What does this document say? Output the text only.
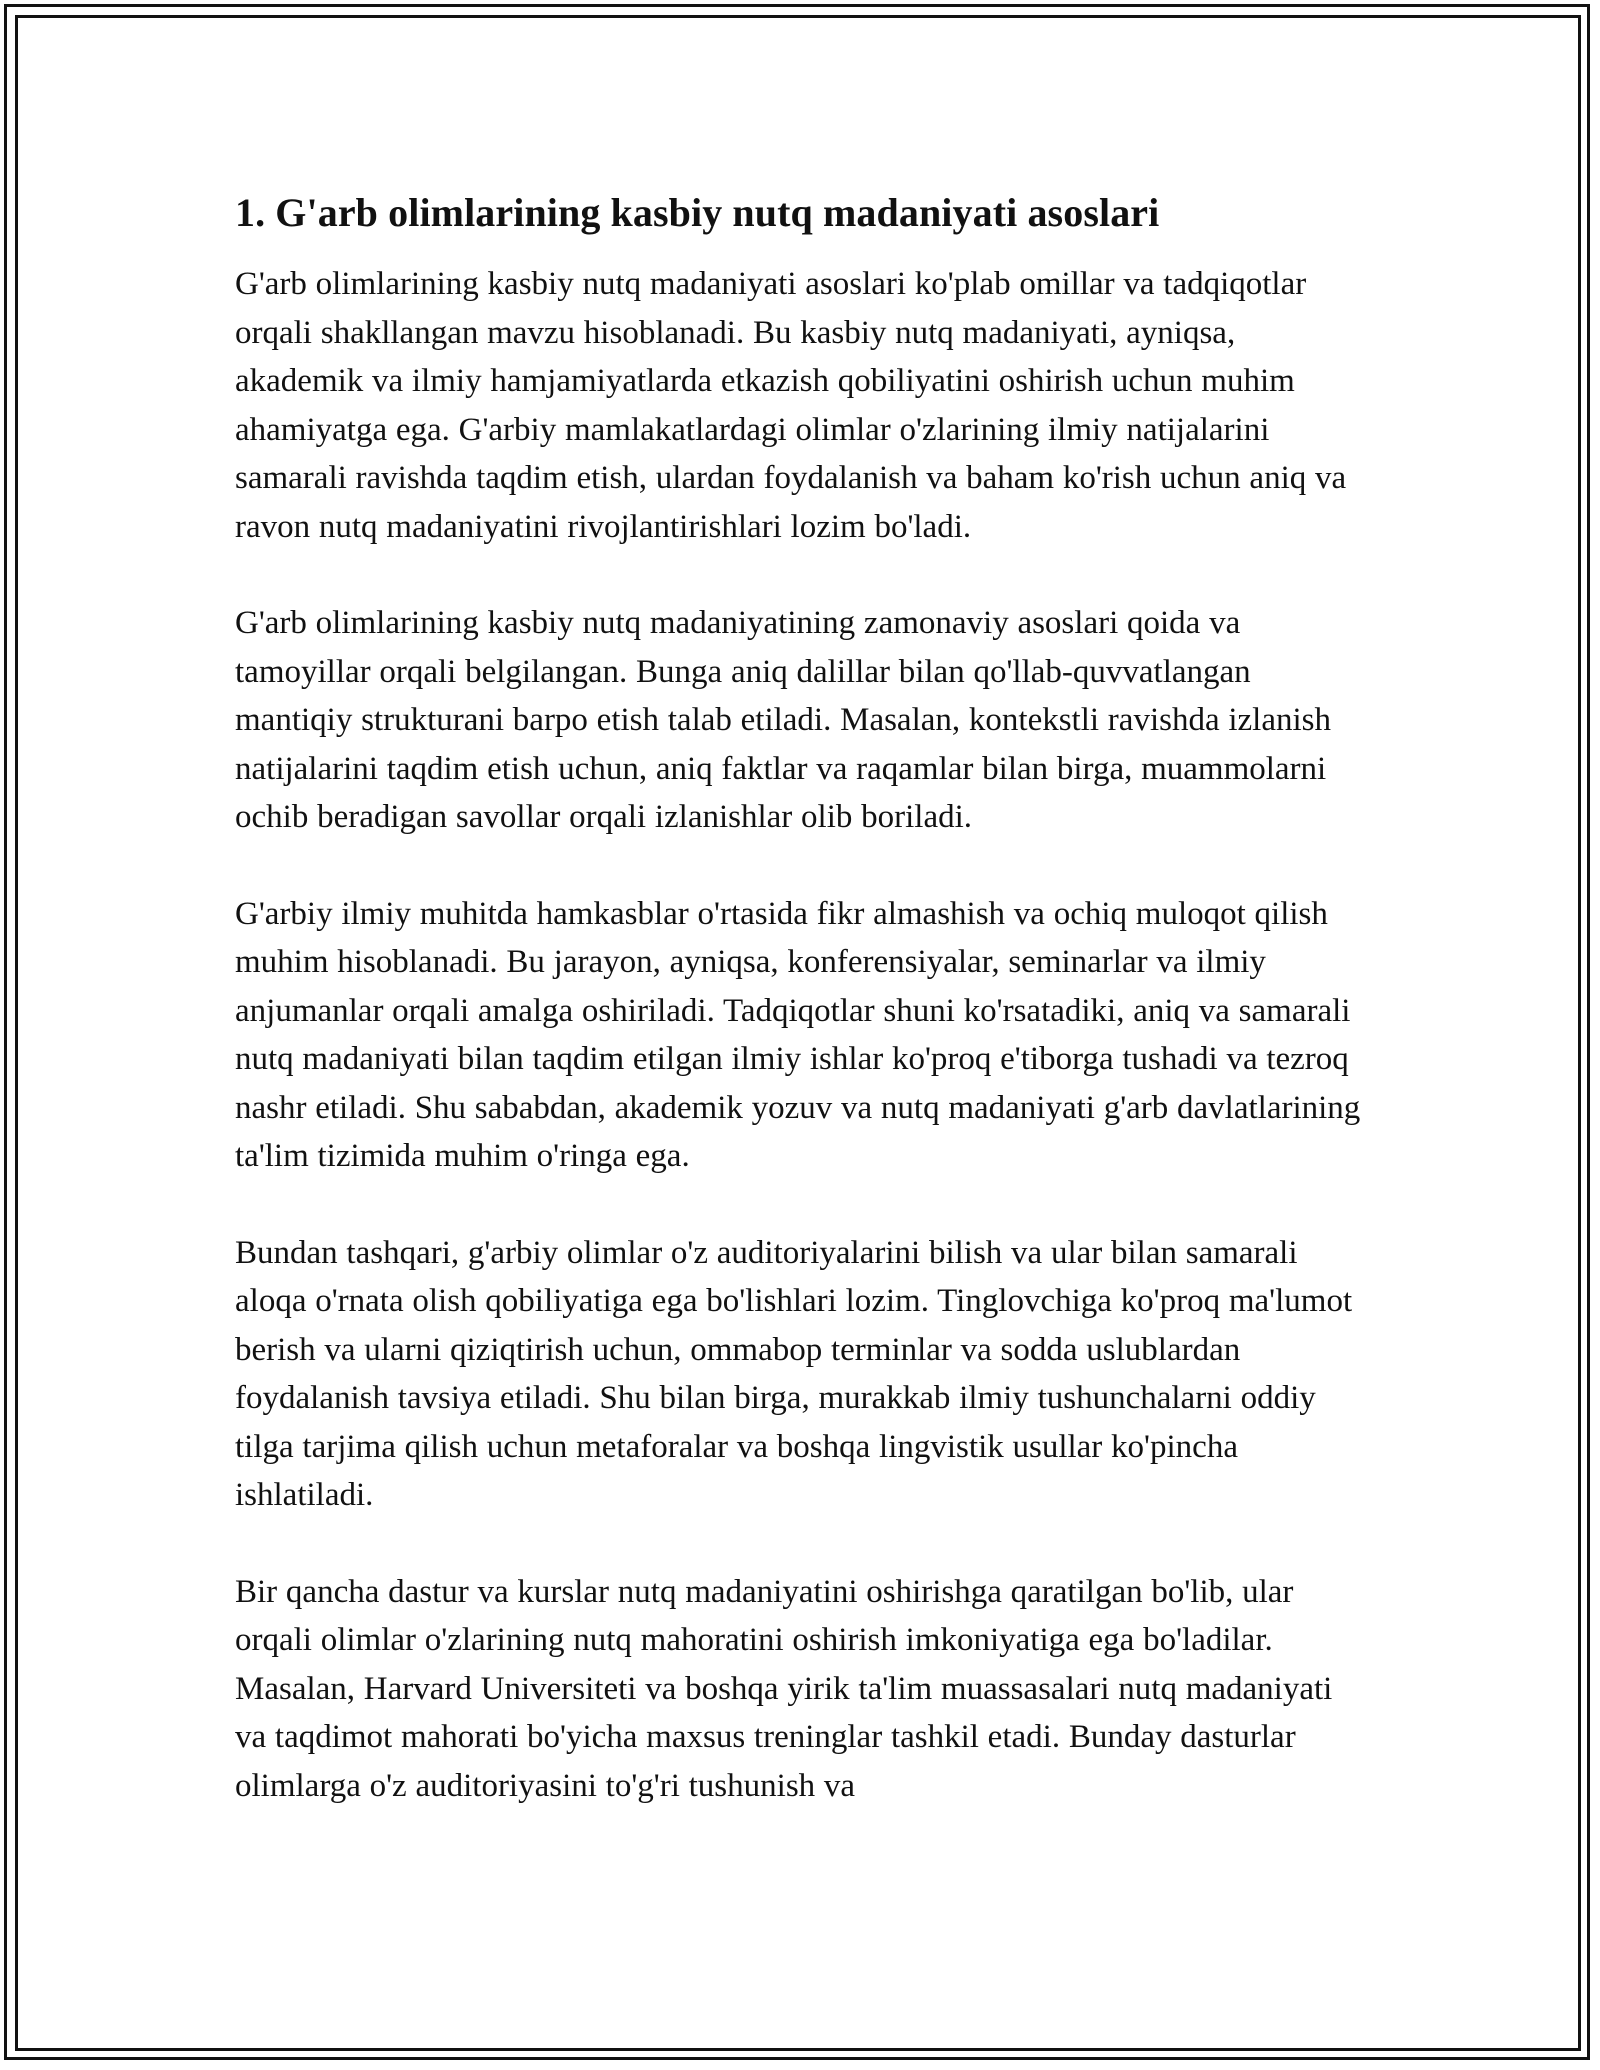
1. G'arb olimlarining kasbiy nutq madaniyati asoslari

G'arb olimlarining kasbiy nutq madaniyati asoslari ko'plab omillar va tadqiqotlar orqali shakllangan mavzu hisoblanadi. Bu kasbiy nutq madaniyati, ayniqsa, akademik va ilmiy hamjamiyatlarda etkazish qobiliyatini oshirish uchun muhim ahamiyatga ega. G'arbiy mamlakatlardagi olimlar o'zlarining ilmiy natijalarini samarali ravishda taqdim etish, ulardan foydalanish va baham ko'rish uchun aniq va ravon nutq madaniyatini rivojlantirishlari lozim bo'ladi.

G'arb olimlarining kasbiy nutq madaniyatining zamonaviy asoslari qoida va tamoyillar orqali belgilangan. Bunga aniq dalillar bilan qo'llab-quvvatlangan mantiqiy strukturani barpo etish talab etiladi. Masalan, kontekstli ravishda izlanish natijalarini taqdim etish uchun, aniq faktlar va raqamlar bilan birga, muammolarni ochib beradigan savollar orqali izlanishlar olib boriladi.

G'arbiy ilmiy muhitda hamkasblar o'rtasida fikr almashish va ochiq muloqot qilish muhim hisoblanadi. Bu jarayon, ayniqsa, konferensiyalar, seminarlar va ilmiy anjumanlar orqali amalga oshiriladi. Tadqiqotlar shuni ko'rsatadiki, aniq va samarali nutq madaniyati bilan taqdim etilgan ilmiy ishlar ko'proq e'tiborga tushadi va tezroq nashr etiladi. Shu sababdan, akademik yozuv va nutq madaniyati g'arb davlatlarining ta'lim tizimida muhim o'ringa ega.

Bundan tashqari, g'arbiy olimlar o'z auditoriyalarini bilish va ular bilan samarali aloqa o'rnata olish qobiliyatiga ega bo'lishlari lozim. Tinglovchiga ko'proq ma'lumot berish va ularni qiziqtirish uchun, ommabop terminlar va sodda uslublardan foydalanish tavsiya etiladi. Shu bilan birga, murakkab ilmiy tushunchalarni oddiy tilga tarjima qilish uchun metaforalar va boshqa lingvistik usullar ko'pincha ishlatiladi.

Bir qancha dastur va kurslar nutq madaniyatini oshirishga qaratilgan bo'lib, ular orqali olimlar o'zlarining nutq mahoratini oshirish imkoniyatiga ega bo'ladilar. Masalan, Harvard Universiteti va boshqa yirik ta'lim muassasalari nutq madaniyati va taqdimot mahorati bo'yicha maxsus treninglar tashkil etadi. Bunday dasturlar olimlarga o'z auditoriyasini to'g'ri tushunish va
